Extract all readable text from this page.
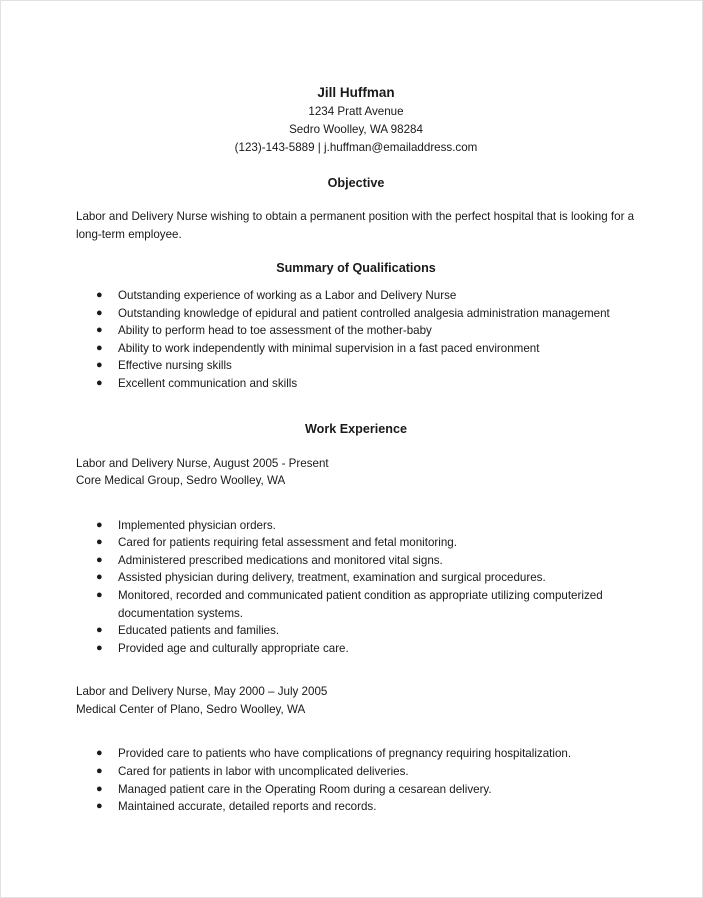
Jill Huffman
1234 Pratt Avenue
Sedro Woolley, WA 98284
(123)-143-5889 | j.huffman@emailaddress.com
Objective

Labor and Delivery Nurse wishing to obtain a permanent position with the perfect hospital that is looking for a long-term employee.

Summary of Qualifications
● Outstanding experience of working as a Labor and Delivery Nurse
● Outstanding knowledge of epidural and patient controlled analgesia administration management
● Ability to perform head to toe assessment of the mother-baby
● Ability to work independently with minimal supervision in a fast paced environment
● Effective nursing skills
● Excellent communication and skills
Work Experience
Labor and Delivery Nurse, August 2005 - Present
Core Medical Group, Sedro Woolley, WA
● Implemented physician orders.
● Cared for patients requiring fetal assessment and fetal monitoring.
● Administered prescribed medications and monitored vital signs.
● Assisted physician during delivery, treatment, examination and surgical procedures.
● Monitored, recorded and communicated patient condition as appropriate utilizing computerized documentation systems.
● Educated patients and families.
● Provided age and culturally appropriate care.
Labor and Delivery Nurse, May 2000 – July 2005
Medical Center of Plano, Sedro Woolley, WA
● Provided care to patients who have complications of pregnancy requiring hospitalization.
● Cared for patients in labor with uncomplicated deliveries.
● Managed patient care in the Operating Room during a cesarean delivery.
● Maintained accurate, detailed reports and records.
